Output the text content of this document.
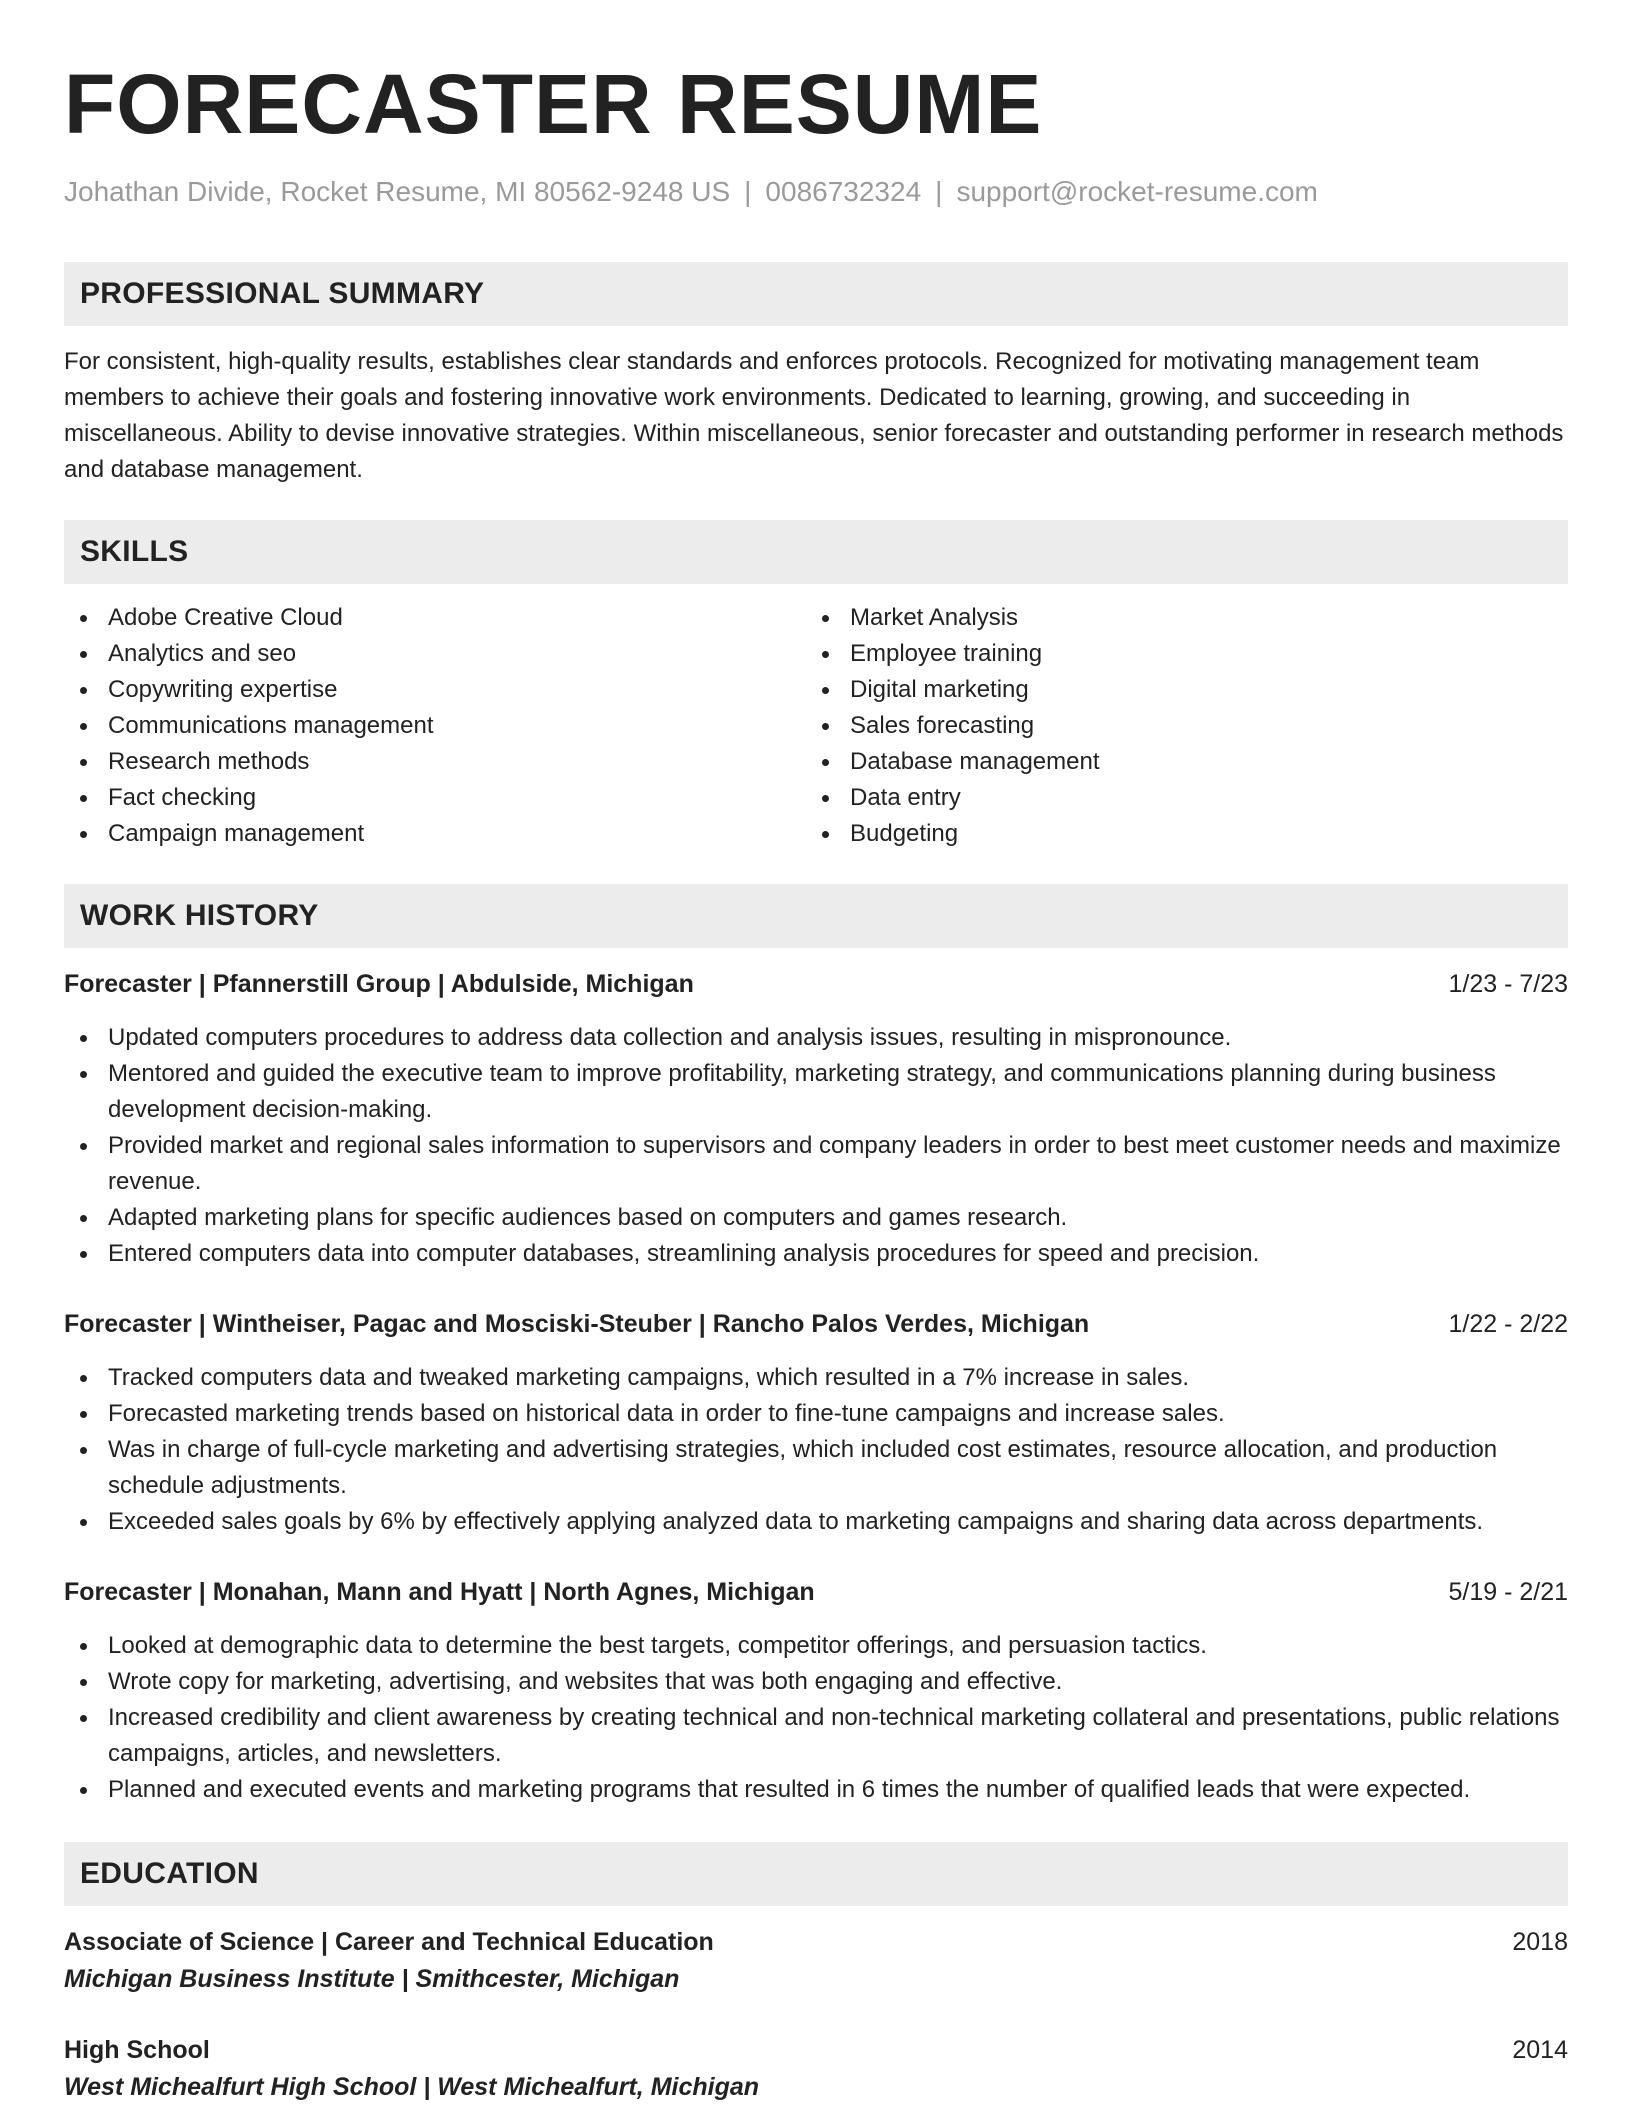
FORECASTER RESUME
Johathan Divide, Rocket Resume, MI 80562-9248 US | 0086732324 | support@rocket-resume.com
PROFESSIONAL SUMMARY

For consistent, high-quality results, establishes clear standards and enforces protocols. Recognized for motivating management team members to achieve their goals and fostering innovative work environments. Dedicated to learning, growing, and succeeding in miscellaneous. Ability to devise innovative strategies. Within miscellaneous, senior forecaster and outstanding performer in research methods and database management.

SKILLS
Adobe Creative Cloud
Analytics and seo
Copywriting expertise
Communications management
Research methods
Fact checking
Campaign management
Market Analysis
Employee training
Digital marketing
Sales forecasting
Database management
Data entry
Budgeting
WORK HISTORY
Forecaster | Pfannerstill Group | Abdulside, Michigan	1/23 - 7/23
Updated computers procedures to address data collection and analysis issues, resulting in mispronounce.
Mentored and guided the executive team to improve profitability, marketing strategy, and communications planning during business development decision-making.
Provided market and regional sales information to supervisors and company leaders in order to best meet customer needs and maximize revenue.
Adapted marketing plans for specific audiences based on computers and games research.
Entered computers data into computer databases, streamlining analysis procedures for speed and precision.
Forecaster | Wintheiser, Pagac and Mosciski-Steuber | Rancho Palos Verdes, Michigan	1/22 - 2/22
Tracked computers data and tweaked marketing campaigns, which resulted in a 7% increase in sales.
Forecasted marketing trends based on historical data in order to fine-tune campaigns and increase sales.
Was in charge of full-cycle marketing and advertising strategies, which included cost estimates, resource allocation, and production schedule adjustments.
Exceeded sales goals by 6% by effectively applying analyzed data to marketing campaigns and sharing data across departments.
Forecaster | Monahan, Mann and Hyatt | North Agnes, Michigan	5/19 - 2/21
Looked at demographic data to determine the best targets, competitor offerings, and persuasion tactics.
Wrote copy for marketing, advertising, and websites that was both engaging and effective.
Increased credibility and client awareness by creating technical and non-technical marketing collateral and presentations, public relations campaigns, articles, and newsletters.
Planned and executed events and marketing programs that resulted in 6 times the number of qualified leads that were expected.
EDUCATION
Associate of Science | Career and Technical Education	2018
Michigan Business Institute | Smithcester, Michigan
High School	2014
West Michealfurt High School | West Michealfurt, Michigan
